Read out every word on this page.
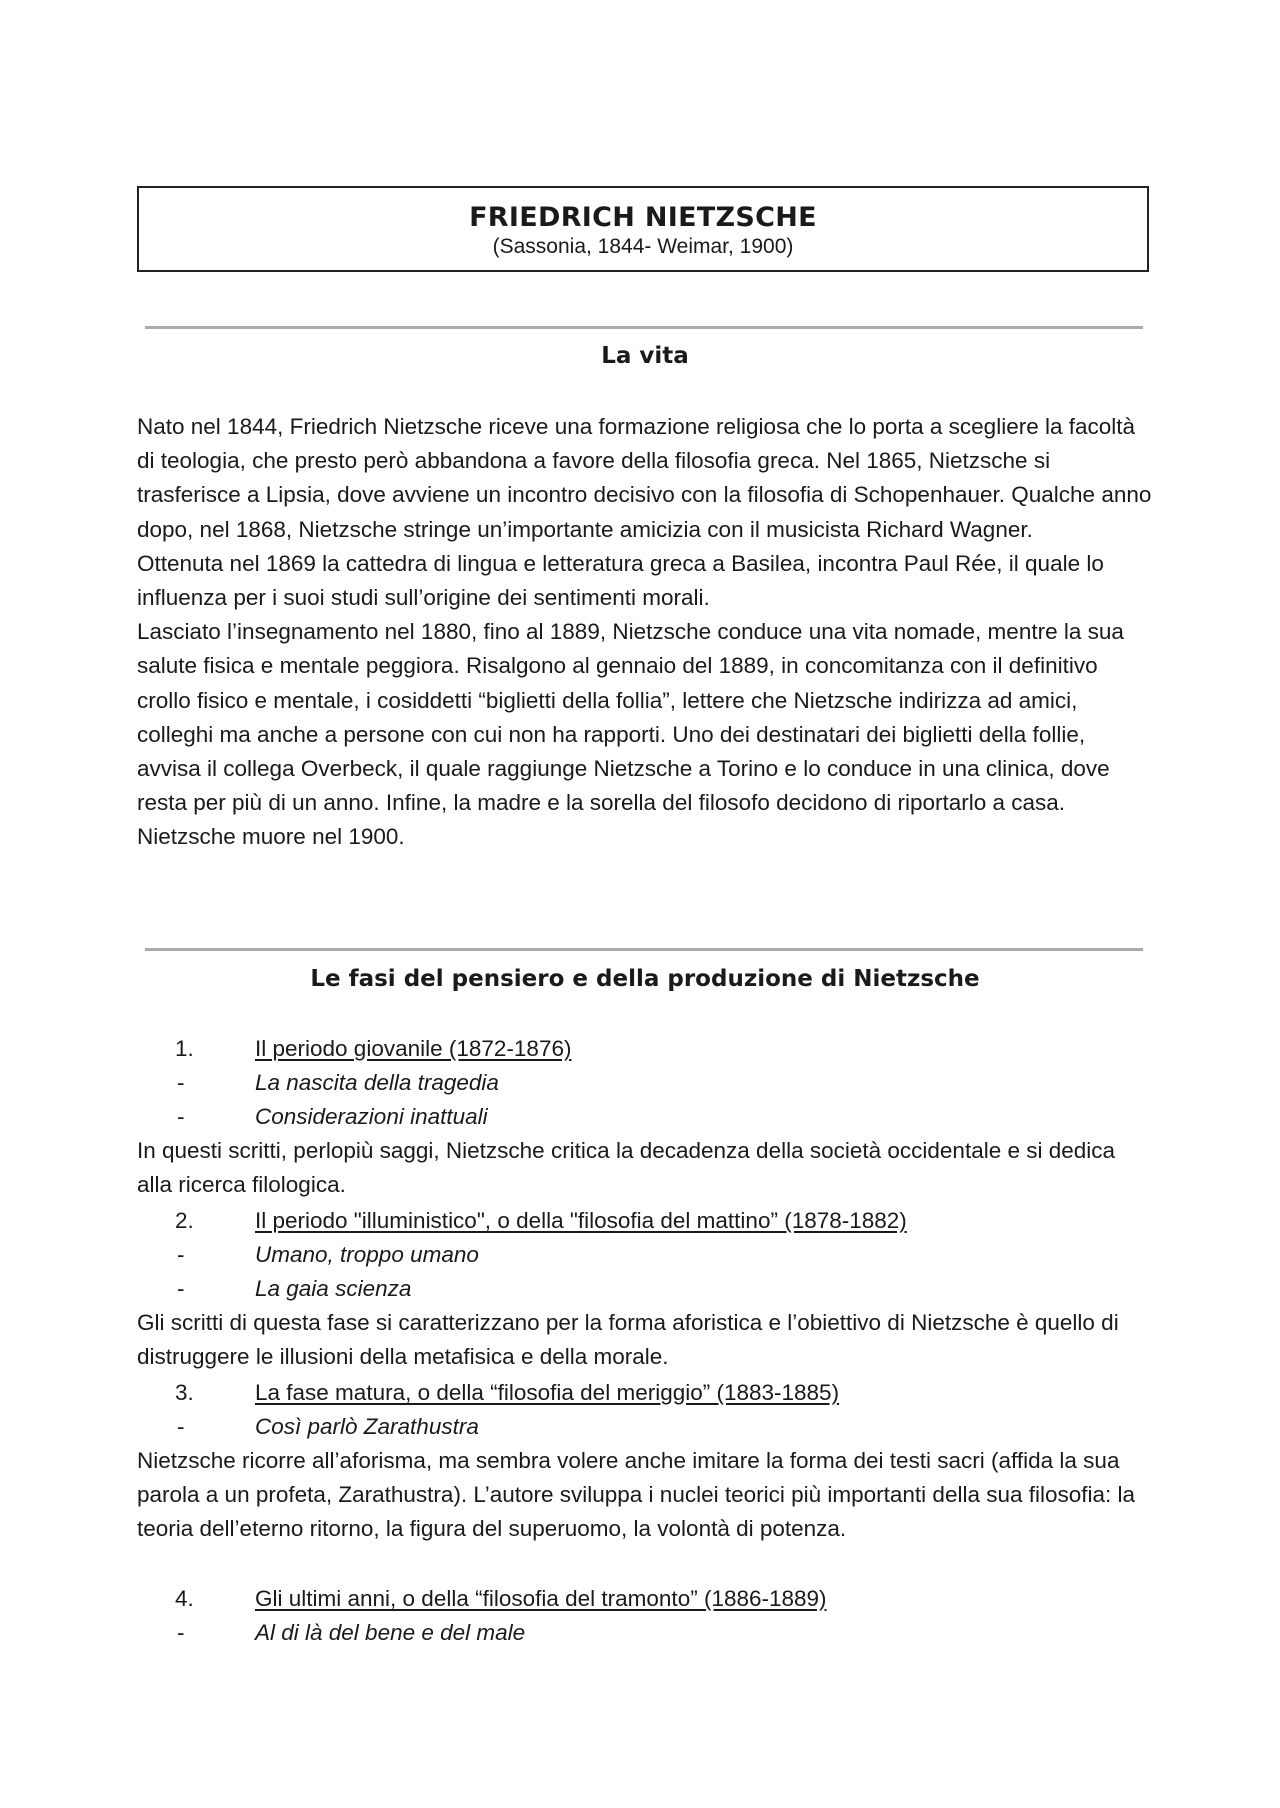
FRIEDRICH NIETZSCHE
(Sassonia, 1844- Weimar, 1900)
La vita

Nato nel 1844, Friedrich Nietzsche riceve una formazione religiosa che lo porta a scegliere la facoltà di teologia, che presto però abbandona a favore della filosofia greca. Nel 1865, Nietzsche si trasferisce a Lipsia, dove avviene un incontro decisivo con la filosofia di Schopenhauer. Qualche anno dopo, nel 1868, Nietzsche stringe un’importante amicizia con il musicista Richard Wagner.

Ottenuta nel 1869 la cattedra di lingua e letteratura greca a Basilea, incontra Paul Rée, il quale lo influenza per i suoi studi sull’origine dei sentimenti morali.

Lasciato l’insegnamento nel 1880, fino al 1889, Nietzsche conduce una vita nomade, mentre la sua salute fisica e mentale peggiora. Risalgono al gennaio del 1889, in concomitanza con il definitivo crollo fisico e mentale, i cosiddetti “biglietti della follia”, lettere che Nietzsche indirizza ad amici, colleghi ma anche a persone con cui non ha rapporti. Uno dei destinatari dei biglietti della follie, avvisa il collega Overbeck, il quale raggiunge Nietzsche a Torino e lo conduce in una clinica, dove resta per più di un anno. Infine, la madre e la sorella del filosofo decidono di riportarlo a casa. Nietzsche muore nel 1900.

Le fasi del pensiero e della produzione di Nietzsche
1.	Il periodo giovanile (1872-1876)
-	La nascita della tragedia
-	Considerazioni inattuali
In questi scritti, perlopiù saggi, Nietzsche critica la decadenza della società occidentale e si dedica alla ricerca filologica.
2.	Il periodo "illuministico", o della "filosofia del mattino” (1878-1882)
-	Umano, troppo umano
-	La gaia scienza
Gli scritti di questa fase si caratterizzano per la forma aforistica e l’obiettivo di Nietzsche è quello di distruggere le illusioni della metafisica e della morale.
3.	La fase matura, o della “filosofia del meriggio” (1883-1885)
-	Così parlò Zarathustra
Nietzsche ricorre all’aforisma, ma sembra volere anche imitare la forma dei testi sacri (affida la sua parola a un profeta, Zarathustra). L’autore sviluppa i nuclei teorici più importanti della sua filosofia: la teoria dell’eterno ritorno, la figura del superuomo, la volontà di potenza.
4.	Gli ultimi anni, o della “filosofia del tramonto” (1886-1889)
-	Al di là del bene e del male
